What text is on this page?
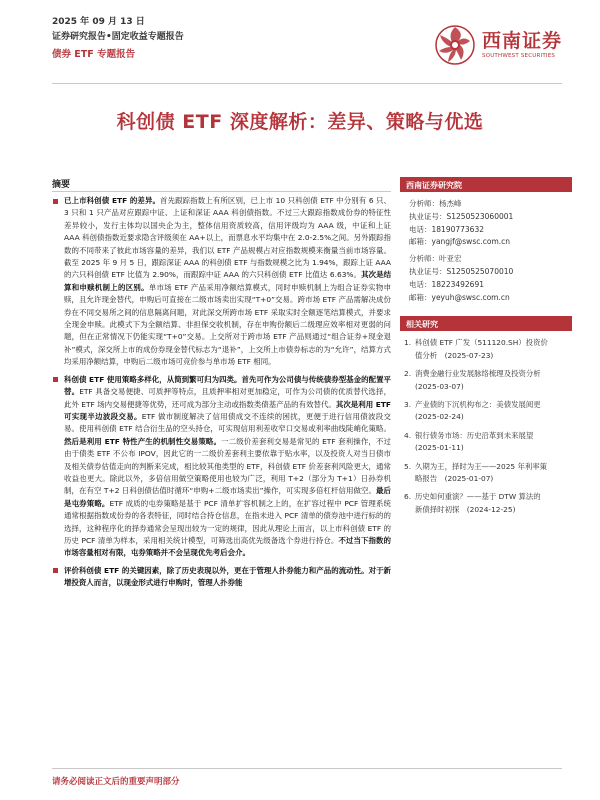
2025 年 09 月 13 日
证券研究报告•固定收益专题报告
债券 ETF 专题报告
西南证券
SOUTHWEST SECURITIES
科创债 ETF 深度解析：差异、策略与优选
摘要
已上市科创债 ETF 的差异。首先跟踪指数上有所区别，已上市 10 只科创债 ETF 中分别有 6 只、3 只和 1 只产品对应跟踪中证、上证和深证 AAA 科创债指数。不过三大跟踪指数成份券的特征性差异较小，发行主体均以国央企为主，整体信用资质较高，信用评级均为 AAA 级，中证和上证 AAA 科创债指数近要求隐含评级须在 AA+以上，而票息水平均集中在 2.0-2.5%之间。另外跟踪指数的不同带来了彼此市场容量的差异，我们以 ETF 产品规模占对应指数规模来衡量当前市场容量。截至 2025 年 9 月 5 日，跟踪深证 AAA 的科创债 ETF 与指数规模之比为 1.94%，跟踪上证 AAA 的六只科创债 ETF 比值为 2.90%，而跟踪中证 AAA 的六只科创债 ETF 比值达 6.63%。其次是结算和申赎机制上的区别。单市场 ETF 产品采用净额结算模式，同时申赎机制上为组合证券实物申赎，且允许现金替代，申购后可直接在二级市场卖出实现“T+0”交易。跨市场 ETF 产品需解决成份券在不同交易所之间的信息隔离问题，对此深交所跨市场 ETF 采取实时全额逐笔结算模式，并要求全现金申赎。此模式下为全额结算、非担保交收机制，存在申购份额后二级理应效率相对更弱的问题，但在正常情况下仍能实现“T+0”交易。上交所对于跨市场 ETF 产品则通过“组合证券+现金退补”模式，深交所上市的成份券现金替代标志为“退补”，上交所上市债券标志的为“允许”，结算方式均采用净额结算，申购后二级市场可竞价参与单市场 ETF 相同。
科创债 ETF 使用策略多样化，从简到繁可归为四类。首先可作为公司债与传统债券型基金的配置平替。ETF 具备交易便捷、可质押等特点，且质押率相对更加稳定，可作为公司债的优质替代选择，此外 ETF 场内交易便捷等优势，还可成为部分主动或指数类债基产品的有效替代。其次是利用 ETF 可实现半边波段交易。ETF 做市制度解决了信用债成交不连续的困扰，更便于进行信用债波段交易。使用科创债 ETF 结合衍生品的空头持仓，可实现信用利差收窄口交易或利率曲线陡峭化策略。然后是利用 ETF 特性产生的机制性交易策略。一二级价差套利交易是常见的 ETF 套利操作，不过由于债类 ETF 不公布 IPOV，因此它的一二级价差套利主要依靠于贴水率，以及投资人对当日债市及相关债券估值走向的判断来完成，相比较其他类型的 ETF，科创债 ETF 价差套利风险更大，通常收益也更大。除此以外，多倍信用做空策略使用也较为广泛，利用 T+2（部分为 T+1）日孙券机制，在有空 T+2 日科创债估值时循环“申购+二级市场卖出”操作，可实现多倍杠杆信用做空。最后是屯券策略。ETF 成质的屯券策略是基于 PCF 清单扩容机制之上的，在扩容过程中 PCF 管理系统通常根据指数成份券的各表特征，同时结合持仓信息，在指未进入 PCF 清单的债券池中进行标的的选择，这种程序化的择券通常会呈现出较为一定的规律，因此从理论上而言，以上市科创债 ETF 的历史 PCF 清单为样本，采用相关统计模型，可筛选出高优先级备选个券进行持仓。不过当下指数的市场容量相对有限，屯券策略并不会呈现优先考后会介。
评价科创债 ETF 的关键因素，除了历史表现以外，更在于管理人扑券能力和产品的流动性。对于新增投资人而言，以现金形式进行申购时，管理人扑券能
西南证券研究院
分析师：杨杰峰
执业证号：S1250523060001
电话：18190773632
邮箱：yangjf@swsc.com.cn
分析师：叶亚宏
执业证号：S1250525070010
电话：18223492691
邮箱：yeyuh@swsc.com.cn
相关研究
1. 科创债 ETF 广发（511120.SH）投资价
值分析　(2025-07-23)
2. 消费金融行业发展脉络梳理及投资分析
(2025-03-07)
3. 产业债的下沉机构布之：美债发展阅更
(2025-02-24)
4. 银行债务市场：历史沿革到未来展望
(2025-01-11)
5. 久期为王，择时为王——2025 年利率策
略报告　(2025-01-07)
6. 历史如何重演？——基于 DTW 算法的
新债择时初探　(2024-12-25)
请务必阅读正文后的重要声明部分
